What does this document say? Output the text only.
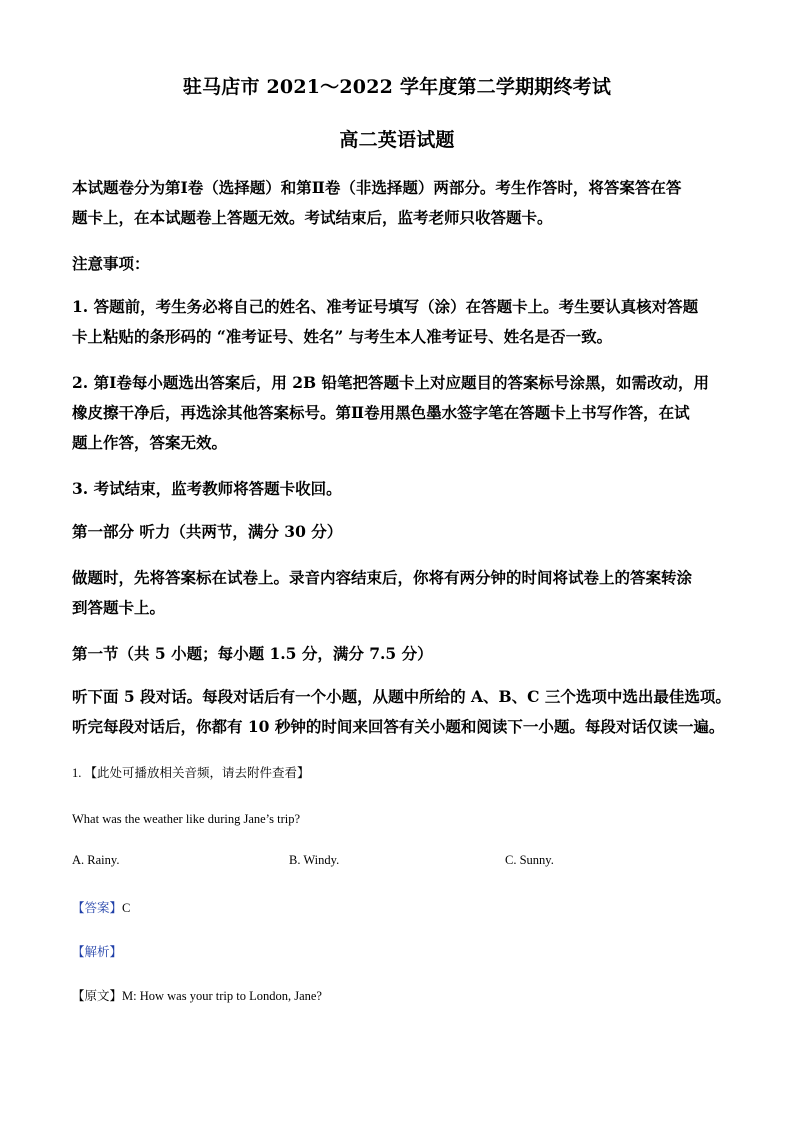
驻马店市 2021～2022 学年度第二学期期终考试
高二英语试题

本试题卷分为第Ⅰ卷（选择题）和第Ⅱ卷（非选择题）两部分。考生作答时，将答案答在答

题卡上，在本试题卷上答题无效。考试结束后，监考老师只收答题卡。

注意事项：

1. 答题前，考生务必将自己的姓名、准考证号填写（涂）在答题卡上。考生要认真核对答题

卡上粘贴的条形码的 “准考证号、姓名” 与考生本人准考证号、姓名是否一致。

2. 第Ⅰ卷每小题选出答案后，用 2B 铅笔把答题卡上对应题目的答案标号涂黑，如需改动，用

橡皮擦干净后，再选涂其他答案标号。第Ⅱ卷用黑色墨水签字笔在答题卡上书写作答，在试

题上作答，答案无效。

3. 考试结束，监考教师将答题卡收回。

第一部分 听力（共两节，满分 30 分）

做题时，先将答案标在试卷上。录音内容结束后，你将有两分钟的时间将试卷上的答案转涂

到答题卡上。

第一节（共 5 小题；每小题 1.5 分，满分 7.5 分）

听下面 5 段对话。每段对话后有一个小题，从题中所给的 A、B、C 三个选项中选出最佳选项。

听完每段对话后，你都有 10 秒钟的时间来回答有关小题和阅读下一小题。每段对话仅读一遍。

1. 【此处可播放相关音频，请去附件查看】

What was the weather like during Jane’s trip?

A. Rainy.	B. Windy.	C. Sunny.

【答案】C

【解析】

【原文】M: How was your trip to London, Jane?
